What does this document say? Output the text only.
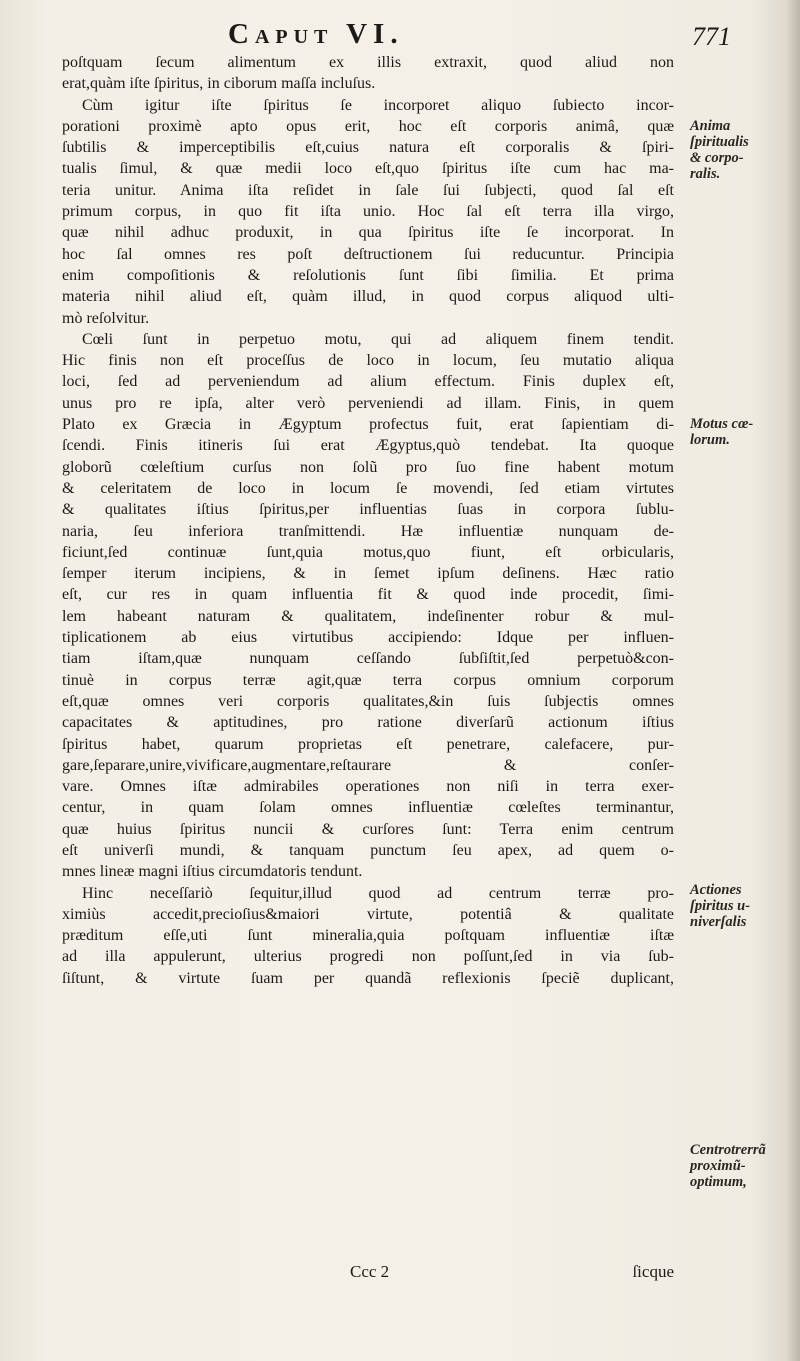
Caput VI.	771
poſtquam ſecum alimentum ex illis extraxit, quod aliud non
erat,quàm iſte ſpiritus, in ciborum maſſa incluſus.
Cùm igitur iſte ſpiritus ſe incorporet aliquo ſubiecto incor-
porationi proximè apto opus erit, hoc eſt corporis animâ, quæ
ſubtilis & imperceptibilis eſt,cuius natura eſt corporalis & ſpiri-
tualis ſimul, & quæ medii loco eſt,quo ſpiritus iſte cum hac ma-
teria unitur. Anima iſta reſidet in ſale ſui ſubjecti, quod ſal eſt
primum corpus, in quo fit iſta unio. Hoc ſal eſt terra illa virgo,
quæ nihil adhuc produxit, in qua ſpiritus iſte ſe incorporat. In
hoc ſal omnes res poſt deſtructionem ſui reducuntur. Principia
enim compoſitionis & reſolutionis ſunt ſibi ſimilia. Et prima
materia nihil aliud eſt, quàm illud, in quod corpus aliquod ulti-
mò reſolvitur.
Cœli ſunt in perpetuo motu, qui ad aliquem finem tendit.
Hic finis non eſt proceſſus de loco in locum, ſeu mutatio aliqua
loci, ſed ad perveniendum ad alium effectum. Finis duplex eſt,
unus pro re ipſa, alter verò perveniendi ad illam. Finis, in quem
Plato ex Græcia in Ægyptum profectus fuit, erat ſapientiam di-
ſcendi. Finis itineris ſui erat Ægyptus,quò tendebat. Ita quoque
globorũ cœleſtium curſus non ſolũ pro ſuo fine habent motum
& celeritatem de loco in locum ſe movendi, ſed etiam virtutes
& qualitates iſtius ſpiritus,per influentias ſuas in corpora ſublu-
naria, ſeu inferiora tranſmittendi. Hæ influentiæ nunquam de-
ficiunt,ſed continuæ ſunt,quia motus,quo fiunt, eſt orbicularis,
ſemper iterum incipiens, & in ſemet ipſum deſinens. Hæc ratio
eſt, cur res in quam influentia fit & quod inde procedit, ſimi-
lem habeant naturam & qualitatem, indeſinenter robur & mul-
tiplicationem ab eius virtutibus accipiendo: Idque per influen-
tiam iſtam,quæ nunquam ceſſando ſubſiſtit,ſed perpetuò&con-
tinuè in corpus terræ agit,quæ terra corpus omnium corporum
eſt,quæ omnes veri corporis qualitates,&in ſuis ſubjectis omnes
capacitates & aptitudines, pro ratione diverſarũ actionum iſtius
ſpiritus habet, quarum proprietas eſt penetrare, calefacere, pur-
gare,ſeparare,unire,vivificare,augmentare,reſtaurare & conſer-
vare. Omnes iſtæ admirabiles operationes non niſi in terra exer-
centur, in quam ſolam omnes influentiæ cœleſtes terminantur,
quæ huius ſpiritus nuncii & curſores ſunt: Terra enim centrum
eſt univerſi mundi, & tanquam punctum ſeu apex, ad quem o-
mnes lineæ magni iſtius circumdatoris tendunt.
Hinc neceſſariò ſequitur,illud quod ad centrum terræ pro-
ximiùs accedit,precioſius&maiori virtute, potentiâ & qualitate
præditum eſſe,uti ſunt mineralia,quia poſtquam influentiæ iſtæ
ad illa appulerunt, ulterius progredi non poſſunt,ſed in via ſub-
ſiſtunt, & virtute ſuam per quandã reflexionis ſpeciẽ duplicant,
Anima
ſpiritualis
& corpo-
ralis.
Motus cœ-
lorum.
Actiones
ſpiritus u-
niverſalis
Centrotrerrã
proximũ-
optimum,
Ccc 2	ſicque
